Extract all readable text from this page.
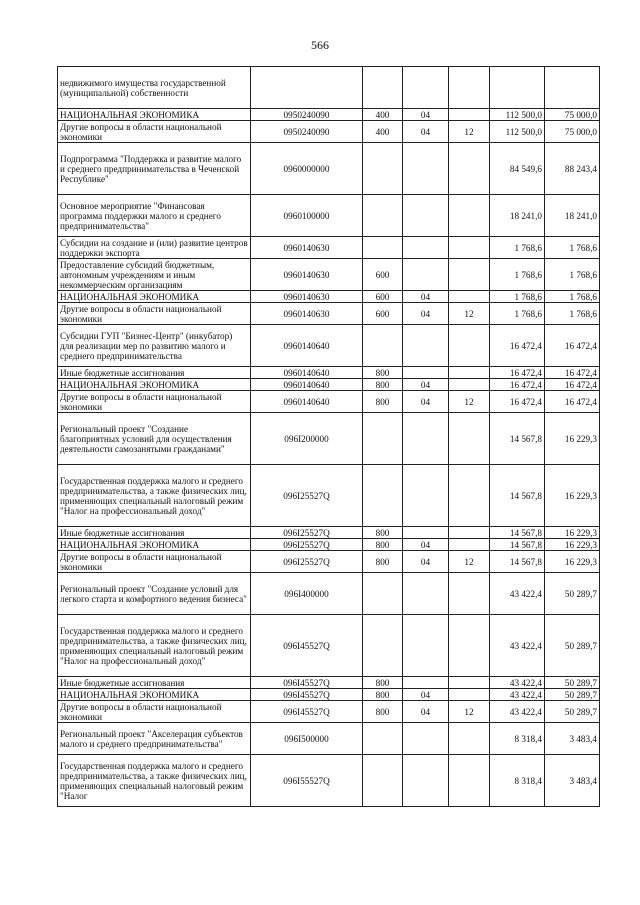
566
недвижимого имущества государственной (муниципальной) собственности						
НАЦИОНАЛЬНАЯ ЭКОНОМИКА	0950240090	400	04		112 500,0	75 000,0
Другие вопросы в области национальной экономики	0950240090	400	04	12	112 500,0	75 000,0
Подпрограмма "Поддержка и развитие малого и среднего предпринимательства в Чеченской Республике"	0960000000				84 549,6	88 243,4
Основное мероприятие "Финансовая программа поддержки малого и среднего предпринимательства"	0960100000				18 241,0	18 241,0
Субсидии на создание и (или) развитие центров поддержки экспорта	0960140630				1 768,6	1 768,6
Предоставление субсидий бюджетным, автономным учреждениям и иным некоммерческим организациям	0960140630	600			1 768,6	1 768,6
НАЦИОНАЛЬНАЯ ЭКОНОМИКА	0960140630	600	04		1 768,6	1 768,6
Другие вопросы в области национальной экономики	0960140630	600	04	12	1 768,6	1 768,6
Субсидии ГУП "Бизнес-Центр" (инкубатор) для реализации мер по развитию малого и среднего предпринимательства	0960140640				16 472,4	16 472,4
Иные бюджетные ассигнования	0960140640	800			16 472,4	16 472,4
НАЦИОНАЛЬНАЯ ЭКОНОМИКА	0960140640	800	04		16 472,4	16 472,4
Другие вопросы в области национальной экономики	0960140640	800	04	12	16 472,4	16 472,4
Региональный проект "Создание благоприятных условий для осуществления деятельности самозанятыми гражданами"	096I200000				14 567,8	16 229,3
Государственная поддержка малого и среднего предпринимательства, а также физических лиц, применяющих специальный налоговый режим "Налог на профессиональный доход"	096I25527Q				14 567,8	16 229,3
Иные бюджетные ассигнования	096I25527Q	800			14 567,8	16 229,3
НАЦИОНАЛЬНАЯ ЭКОНОМИКА	096I25527Q	800	04		14 567,8	16 229,3
Другие вопросы в области национальной экономики	096I25527Q	800	04	12	14 567,8	16 229,3
Региональный проект "Создание условий для легкого старта и комфортного ведения бизнеса"	096I400000				43 422,4	50 289,7
Государственная поддержка малого и среднего предпринимательства, а также физических лиц, применяющих специальный налоговый режим "Налог на профессиональный доход"	096I45527Q				43 422,4	50 289,7
Иные бюджетные ассигнования	096I45527Q	800			43 422,4	50 289,7
НАЦИОНАЛЬНАЯ ЭКОНОМИКА	096I45527Q	800	04		43 422,4	50 289,7
Другие вопросы в области национальной экономики	096I45527Q	800	04	12	43 422,4	50 289,7
Региональный проект "Акселерация субъектов малого и среднего предпринимательства"	096I500000				8 318,4	3 483,4
Государственная поддержка малого и среднего предпринимательства, а также физических лиц, применяющих специальный налоговый режим "Налог	096I55527Q				8 318,4	3 483,4
